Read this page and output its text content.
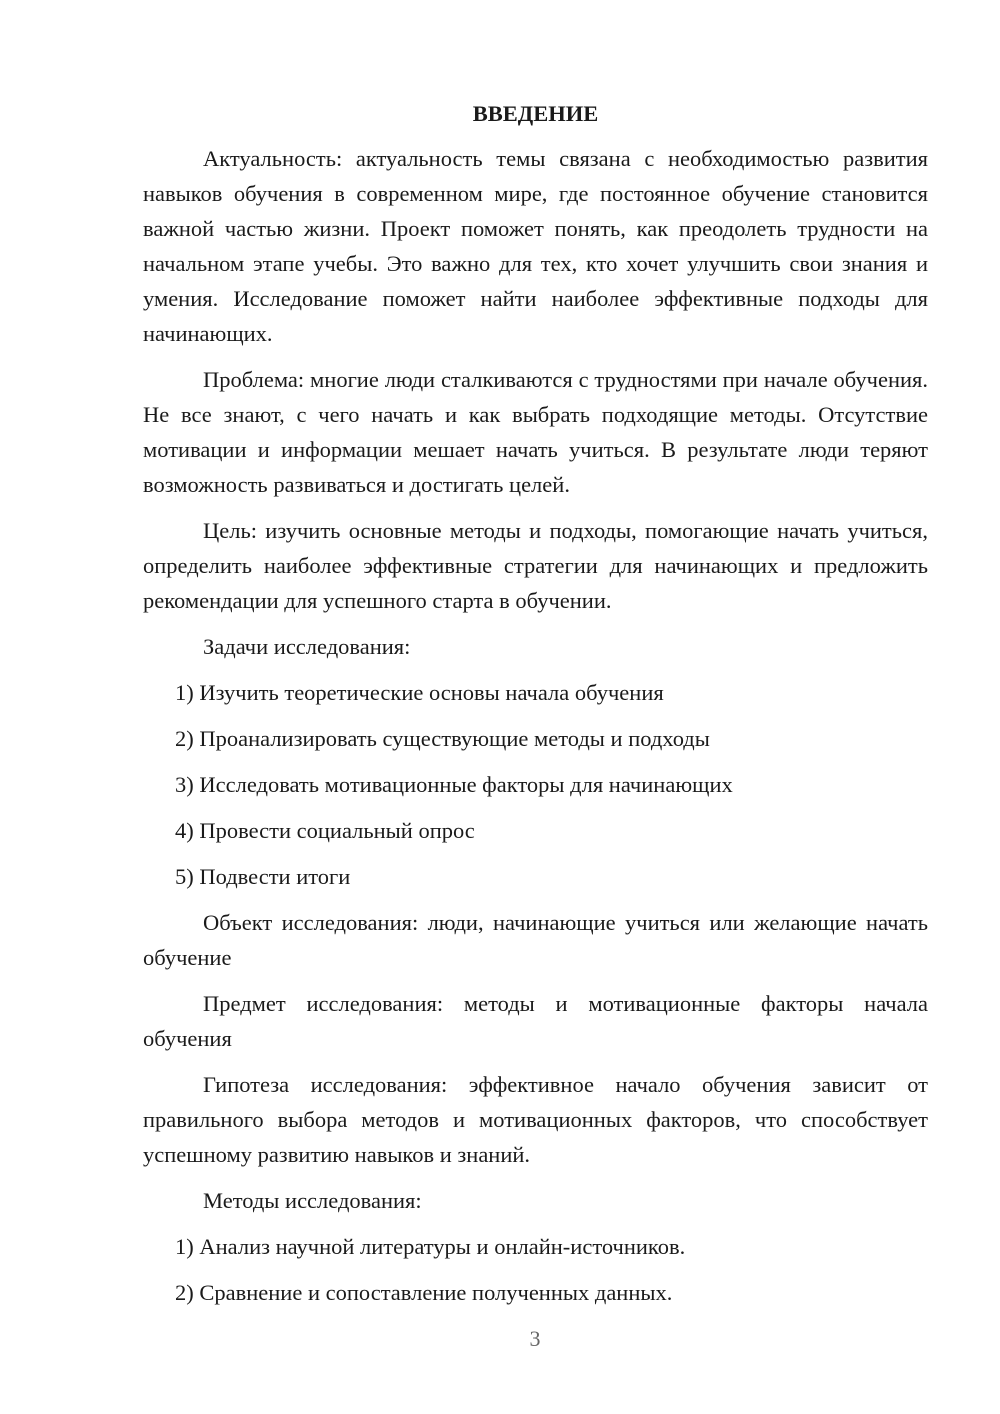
ВВЕДЕНИЕ
Актуальность: актуальность темы связана с необходимостью развития навыков обучения в современном мире, где постоянное обучение становится важной частью жизни. Проект поможет понять, как преодолеть трудности на начальном этапе учебы. Это важно для тех, кто хочет улучшить свои знания и умения. Исследование поможет найти наиболее эффективные подходы для начинающих.
Проблема: многие люди сталкиваются с трудностями при начале обучения. Не все знают, с чего начать и как выбрать подходящие методы. Отсутствие мотивации и информации мешает начать учиться. В результате люди теряют возможность развиваться и достигать целей.
Цель: изучить основные методы и подходы, помогающие начать учиться, определить наиболее эффективные стратегии для начинающих и предложить рекомендации для успешного старта в обучении.
Задачи исследования:
1) Изучить теоретические основы начала обучения
2) Проанализировать существующие методы и подходы
3) Исследовать мотивационные факторы для начинающих
4) Провести социальный опрос
5) Подвести итоги
Объект исследования: люди, начинающие учиться или желающие начать обучение
Предмет исследования: методы и мотивационные факторы начала обучения
Гипотеза исследования: эффективное начало обучения зависит от правильного выбора методов и мотивационных факторов, что способствует успешному развитию навыков и знаний.
Методы исследования:
1) Анализ научной литературы и онлайн-источников.
2) Сравнение и сопоставление полученных данных.
3
